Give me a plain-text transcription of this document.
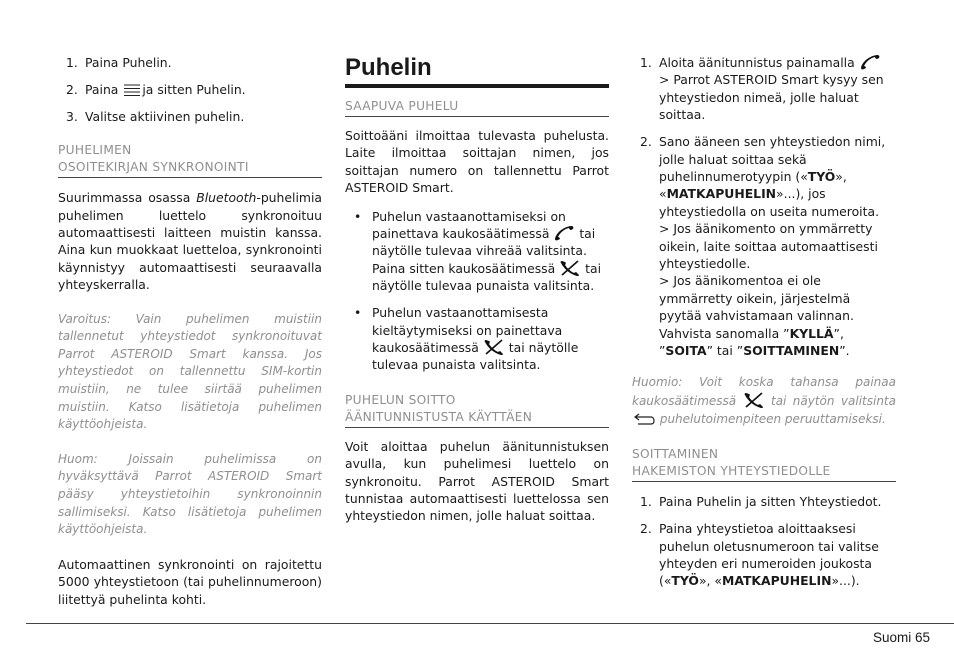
1. Paina Puhelin.
2. Paina ja sitten Puhelin.
3. Valitse aktiivinen puhelin.
PUHELIMEN
OSOITEKIRJAN SYNKRONOINTI

Suurimmassa osassa Bluetooth-puhelimia puhelimen luettelo synkronoituu automaattisesti laitteen muistin kanssa. Aina kun muokkaat luetteloa, synkronointi käynnistyy automaattisesti seuraavalla yhteyskerralla.

Varoitus: Vain puhelimen muistiin tallennetut yhteystiedot synkronoituvat Parrot ASTEROID Smart kanssa. Jos yhteystiedot on tallennettu SIM-kortin muistiin, ne tulee siirtää puhelimen muistiin. Katso lisätietoja puhelimen käyttöohjeista.

Huom: Joissain puhelimissa on hyväksyttävä Parrot ASTEROID Smart pääsy yhteystietoihin synkronoinnin sallimiseksi. Katso lisätietoja puhelimen käyttöohjeista.

Automaattinen synkronointi on rajoitettu 5000 yhteystietoon (tai puhelinnumeroon) liitettyä puhelinta kohti.

Puhelin
SAAPUVA PUHELU

Soittoääni ilmoittaa tulevasta puhelusta. Laite ilmoittaa soittajan nimen, jos soittajan numero on tallennettu Parrot ASTEROID Smart.

• Puhelun vastaanottamiseksi on painettava kaukosäätimessä tai näytölle tulevaa vihreää valitsinta. Paina sitten kaukosäätimessä tai näytölle tulevaa punaista valitsinta.
• Puhelun vastaanottamisesta kieltäytymiseksi on painettava kaukosäätimessä tai näytölle tulevaa punaista valitsinta.
PUHELUN SOITTO
ÄÄNITUNNISTUSTA KÄYTTÄEN

Voit aloittaa puhelun äänitunnistuksen avulla, kun puhelimesi luettelo on synkronoitu. Parrot ASTEROID Smart tunnistaa automaattisesti luettelossa sen yhteystiedon nimen, jolle haluat soittaa.

1. Aloita äänitunnistus painamalla
> Parrot ASTEROID Smart kysyy sen yhteystiedon nimeä, jolle haluat soittaa.
2. Sano ääneen sen yhteystiedon nimi, jolle haluat soittaa sekä puhelinnumerotyypin («TYÖ», «MATKAPUHELIN»...), jos yhteystiedolla on useita numeroita.
> Jos äänikomento on ymmärretty oikein, laite soittaa automaattisesti yhteystiedolle.
> Jos äänikomentoa ei ole ymmärretty oikein, järjestelmä pyytää vahvistamaan valinnan. Vahvista sanomalla ”KYLLÄ”, ”SOITA” tai ”SOITTAMINEN”.

Huomio: Voit koska tahansa painaa kaukosäätimessä	tai näytön valitsinta  puhelutoimenpiteen peruuttamiseksi.

SOITTAMINEN
HAKEMISTON YHTEYSTIEDOLLE
1. Paina Puhelin ja sitten Yhteystiedot.
2. Paina yhteystietoa aloittaaksesi puhelun oletusnumeroon tai valitse yhteyden eri numeroiden joukosta («TYÖ», «MATKAPUHELIN»...).
Suomi 65
